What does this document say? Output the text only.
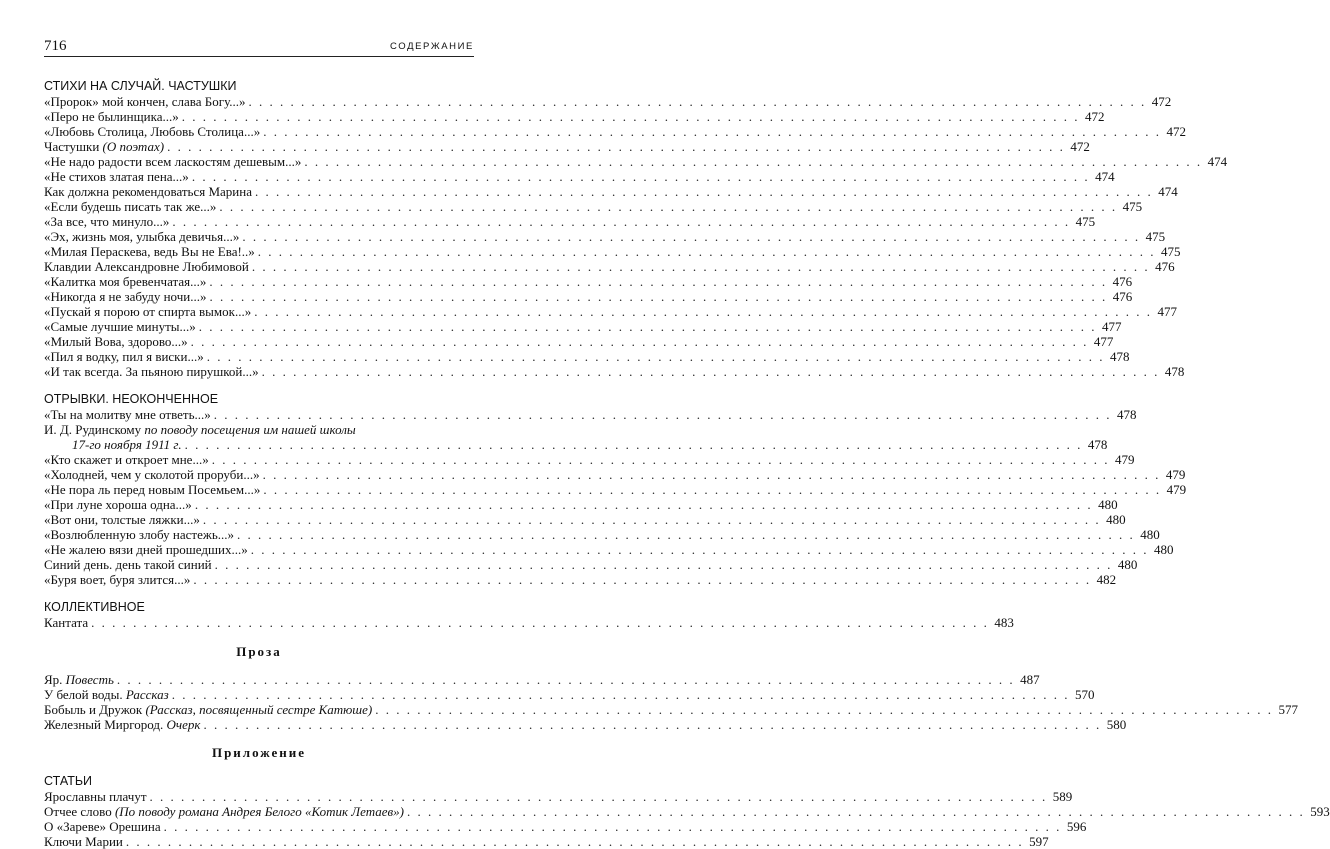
716	СОДЕРЖАНИЕ
СТИХИ НА СЛУЧАЙ. ЧАСТУШКИ
«Пророк» мой кончен, слава Богу...» . . .	472
«Перо не былинщика...» . . .	472
«Любовь Столица, Любовь Столица...» . . .	472
Частушки (О поэтах) . . .	472
«Не надо радости всем ласкостям дешевым...» . . .	474
«Не стихов златая пена...» . . .	474
Как должна рекомендоваться Марина . . .	474
«Если будешь писать так же...» . . .	475
«За все, что минуло...» . . .	475
«Эх, жизнь моя, улыбка девичья...» . . .	475
«Милая Пераскева, ведь Вы не Ева!..» . . .	475
Клавдии Александровне Любимовой . . .	476
«Калитка моя бревенчатая...» . . .	476
«Никогда я не забуду ночи...» . . .	476
«Пускай я порою от спирта вымок...» . . .	477
«Самые лучшие минуты...» . . .	477
«Милый Вова, здорово...» . . .	477
«Пил я водку, пил я виски...» . . .	478
«И так всегда. За пьяною пирушкой...» . . .	478
ОТРЫВКИ. НЕОКОНЧЕННОЕ
«Ты на молитву мне ответь...» . . .	478
И. Д. Рудинскому по поводу посещения им нашей школы
17-го ноября 1911 г. . . .	478
«Кто скажет и откроет мне...» . . .	479
«Холодней, чем у сколотой проруби...» . . .	479
«Не пора ль перед новым Посемьем...» . . .	479
«При луне хороша одна...» . . .	480
«Вот они, толстые ляжки...» . . .	480
«Возлюбленную злобу настежь...» . . .	480
«Не жалею вязи дней прошедших...» . . .	480
Синий день. день такой синий . . .	480
«Буря воет, буря злится...» . . .	482
КОЛЛЕКТИВНОЕ
Кантата . . .	483
Проза
Яр. Повесть . . .	487
У белой воды. Рассказ . . .	570
Бобыль и Дружок (Рассказ, посвященный сестре Катюше) . . .	577
Железный Миргород. Очерк . . .	580
Приложение
СТАТЬИ
Ярославны плачут . . .	589
Отчее слово (По поводу романа Андрея Белого «Котик Летаев») . . .	593
О «Зареве» Орешина . . .	596
Ключи Марии . . .	597
